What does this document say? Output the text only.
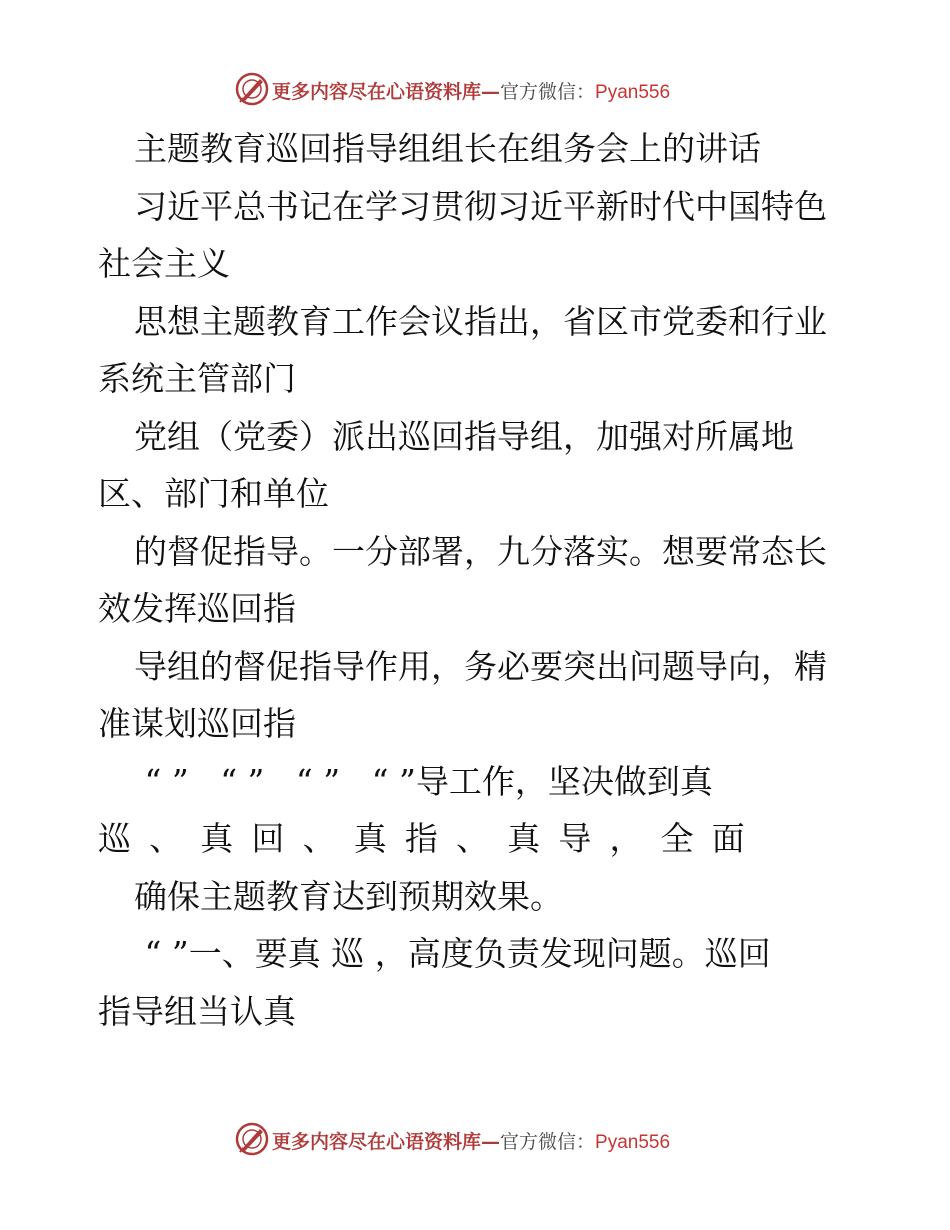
更多内容尽在心语资料库—官方微信：Pyan556
主题教育巡回指导组组长在组务会上的讲话
习近平总书记在学习贯彻习近平新时代中国特色
社会主义
思想主题教育工作会议指出，省区市党委和行业
系统主管部门
党组（党委）派出巡回指导组，加强对所属地
区、部门和单位
的督促指导。一分部署，九分落实。想要常态长
效发挥巡回指
导组的督促指导作用，务必要突出问题导向，精
准谋划巡回指
“ ”   “ ”   “ ”   “ ”导工作，坚决做到真
巡、真回、真指、真导，全面
确保主题教育达到预期效果。
“ ”一、要真 巡 ，高度负责发现问题。巡回
指导组当认真
更多内容尽在心语资料库—官方微信：Pyan556
